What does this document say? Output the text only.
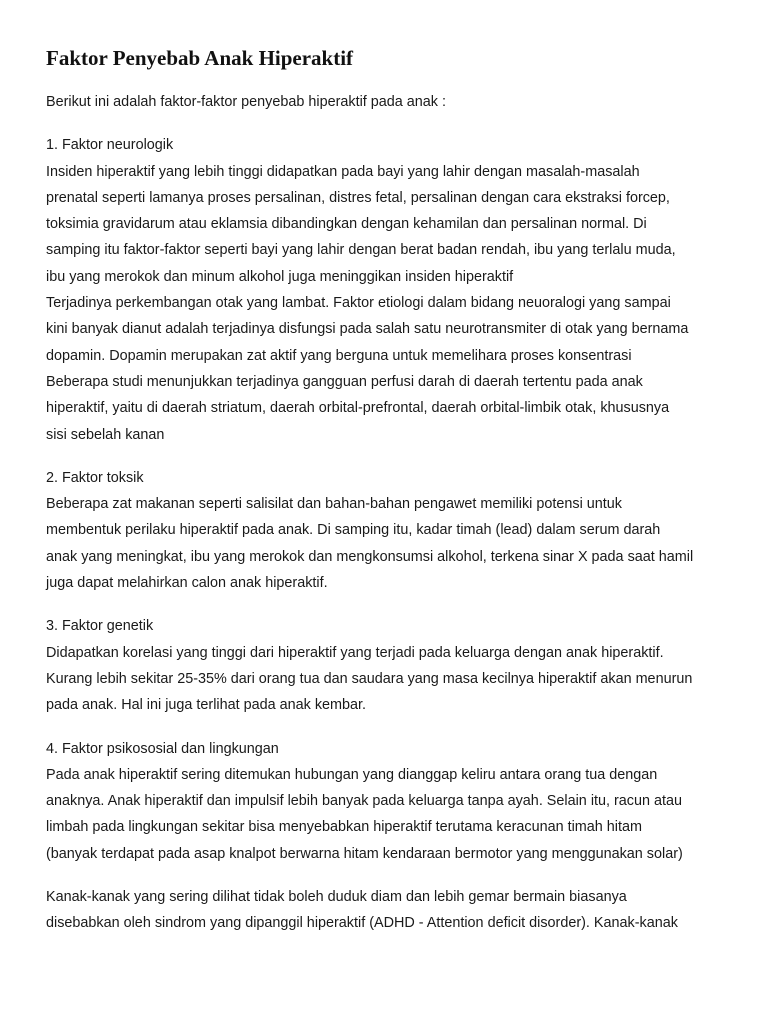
Faktor Penyebab Anak Hiperaktif

Berikut ini adalah faktor-faktor penyebab hiperaktif pada anak :

1. Faktor neurologik
Insiden hiperaktif yang lebih tinggi didapatkan pada bayi yang lahir dengan masalah-masalah
prenatal seperti lamanya proses persalinan, distres fetal, persalinan dengan cara ekstraksi forcep,
toksimia gravidarum atau eklamsia dibandingkan dengan kehamilan dan persalinan normal. Di
samping itu faktor-faktor seperti bayi yang lahir dengan berat badan rendah, ibu yang terlalu muda,
ibu yang merokok dan minum alkohol juga meninggikan insiden hiperaktif
Terjadinya perkembangan otak yang lambat. Faktor etiologi dalam bidang neuoralogi yang sampai
kini banyak dianut adalah terjadinya disfungsi pada salah satu neurotransmiter di otak yang bernama
dopamin. Dopamin merupakan zat aktif yang berguna untuk memelihara proses konsentrasi
Beberapa studi menunjukkan terjadinya gangguan perfusi darah di daerah tertentu pada anak
hiperaktif, yaitu di daerah striatum, daerah orbital-prefrontal, daerah orbital-limbik otak, khususnya
sisi sebelah kanan
2. Faktor toksik
Beberapa zat makanan seperti salisilat dan bahan-bahan pengawet memiliki potensi untuk
membentuk perilaku hiperaktif pada anak. Di samping itu, kadar timah (lead) dalam serum darah
anak yang meningkat, ibu yang merokok dan mengkonsumsi alkohol, terkena sinar X pada saat hamil
juga dapat melahirkan calon anak hiperaktif.
3. Faktor genetik
Didapatkan korelasi yang tinggi dari hiperaktif yang terjadi pada keluarga dengan anak hiperaktif.
Kurang lebih sekitar 25-35% dari orang tua dan saudara yang masa kecilnya hiperaktif akan menurun
pada anak. Hal ini juga terlihat pada anak kembar.
4. Faktor psikososial dan lingkungan
Pada anak hiperaktif sering ditemukan hubungan yang dianggap keliru antara orang tua dengan
anaknya. Anak hiperaktif dan impulsif lebih banyak pada keluarga tanpa ayah. Selain itu, racun atau
limbah pada lingkungan sekitar bisa menyebabkan hiperaktif terutama keracunan timah hitam
(banyak terdapat pada asap knalpot berwarna hitam kendaraan bermotor yang menggunakan solar)
Kanak-kanak yang sering dilihat tidak boleh duduk diam dan lebih gemar bermain biasanya
disebabkan oleh sindrom yang dipanggil hiperaktif (ADHD - Attention deficit disorder). Kanak-kanak
